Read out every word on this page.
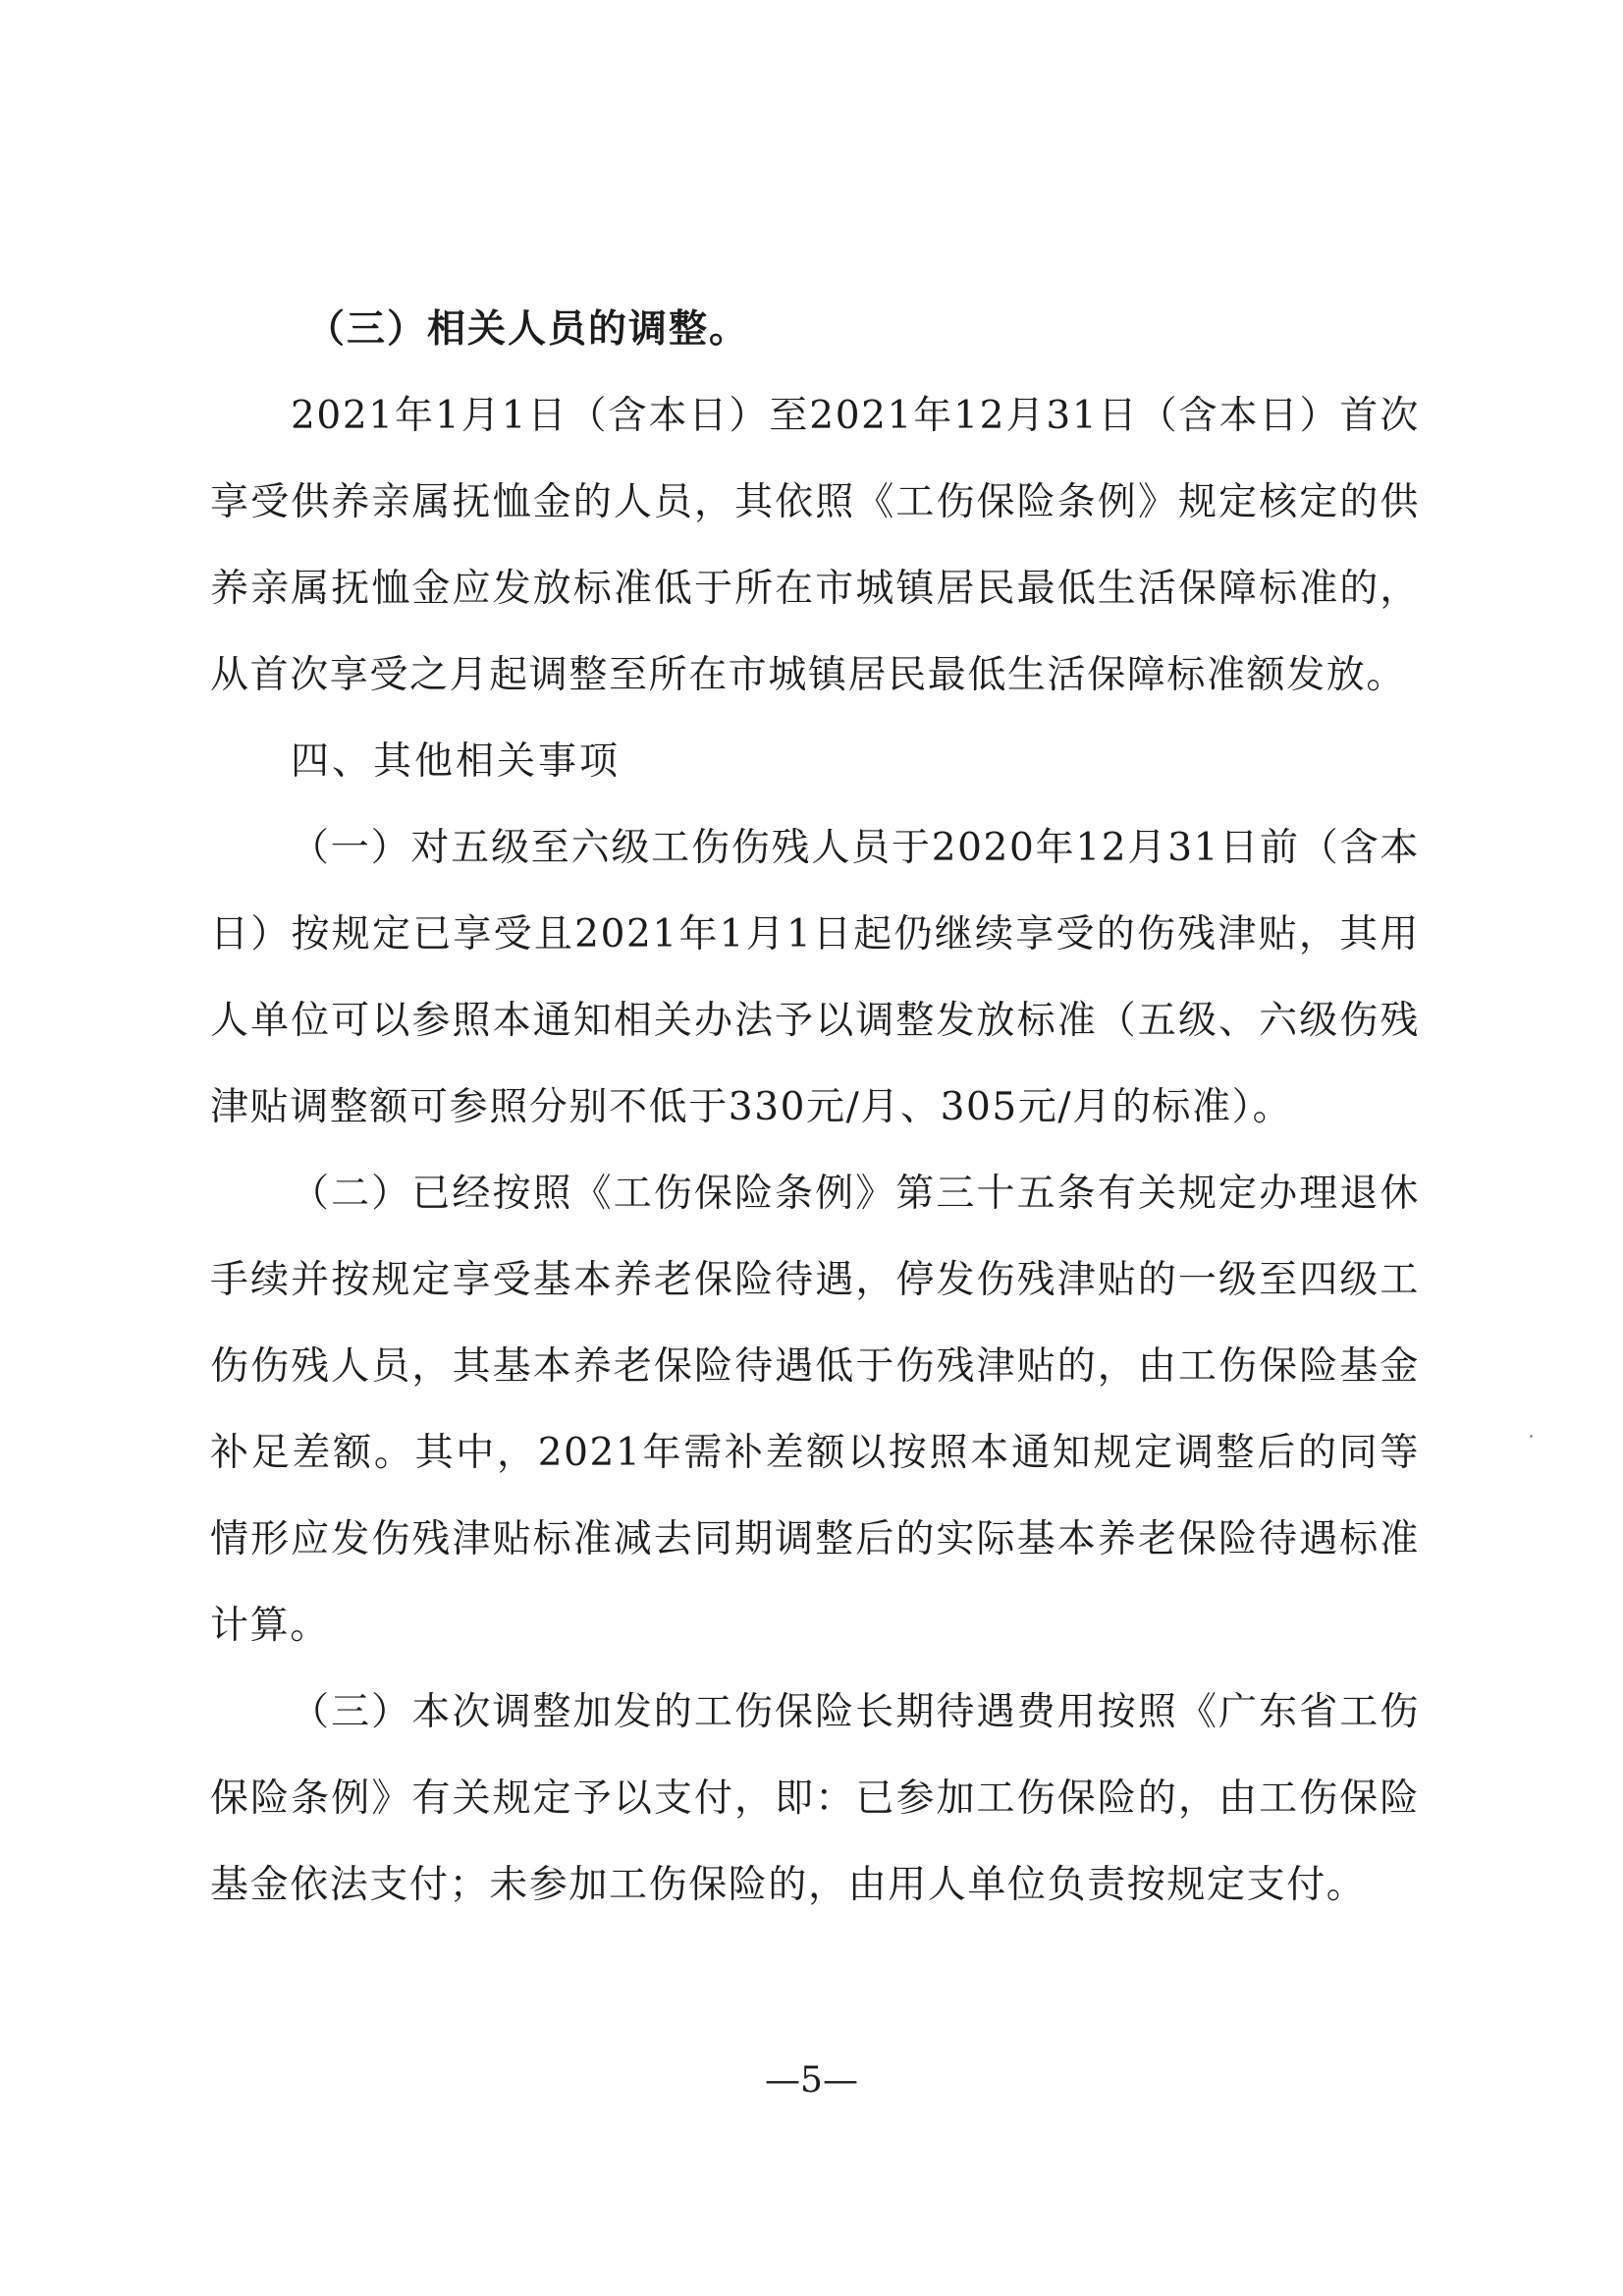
（三）相关人员的调整。

2021年1月1日（含本日）至2021年12月31日（含本日）首次享受供养亲属抚恤金的人员，其依照《工伤保险条例》规定核定的供养亲属抚恤金应发放标准低于所在市城镇居民最低生活保障标准的，从首次享受之月起调整至所在市城镇居民最低生活保障标准额发放。

四、其他相关事项

（一）对五级至六级工伤伤残人员于2020年12月31日前（含本日）按规定已享受且2021年1月1日起仍继续享受的伤残津贴，其用人单位可以参照本通知相关办法予以调整发放标准（五级、六级伤残津贴调整额可参照分别不低于330元/月、305元/月的标准）。

（二）已经按照《工伤保险条例》第三十五条有关规定办理退休手续并按规定享受基本养老保险待遇，停发伤残津贴的一级至四级工伤伤残人员，其基本养老保险待遇低于伤残津贴的，由工伤保险基金补足差额。其中，2021年需补差额以按照本通知规定调整后的同等情形应发伤残津贴标准减去同期调整后的实际基本养老保险待遇标准计算。

（三）本次调整加发的工伤保险长期待遇费用按照《广东省工伤保险条例》有关规定予以支付，即：已参加工伤保险的，由工伤保险基金依法支付；未参加工伤保险的，由用人单位负责按规定支付。

—5—
